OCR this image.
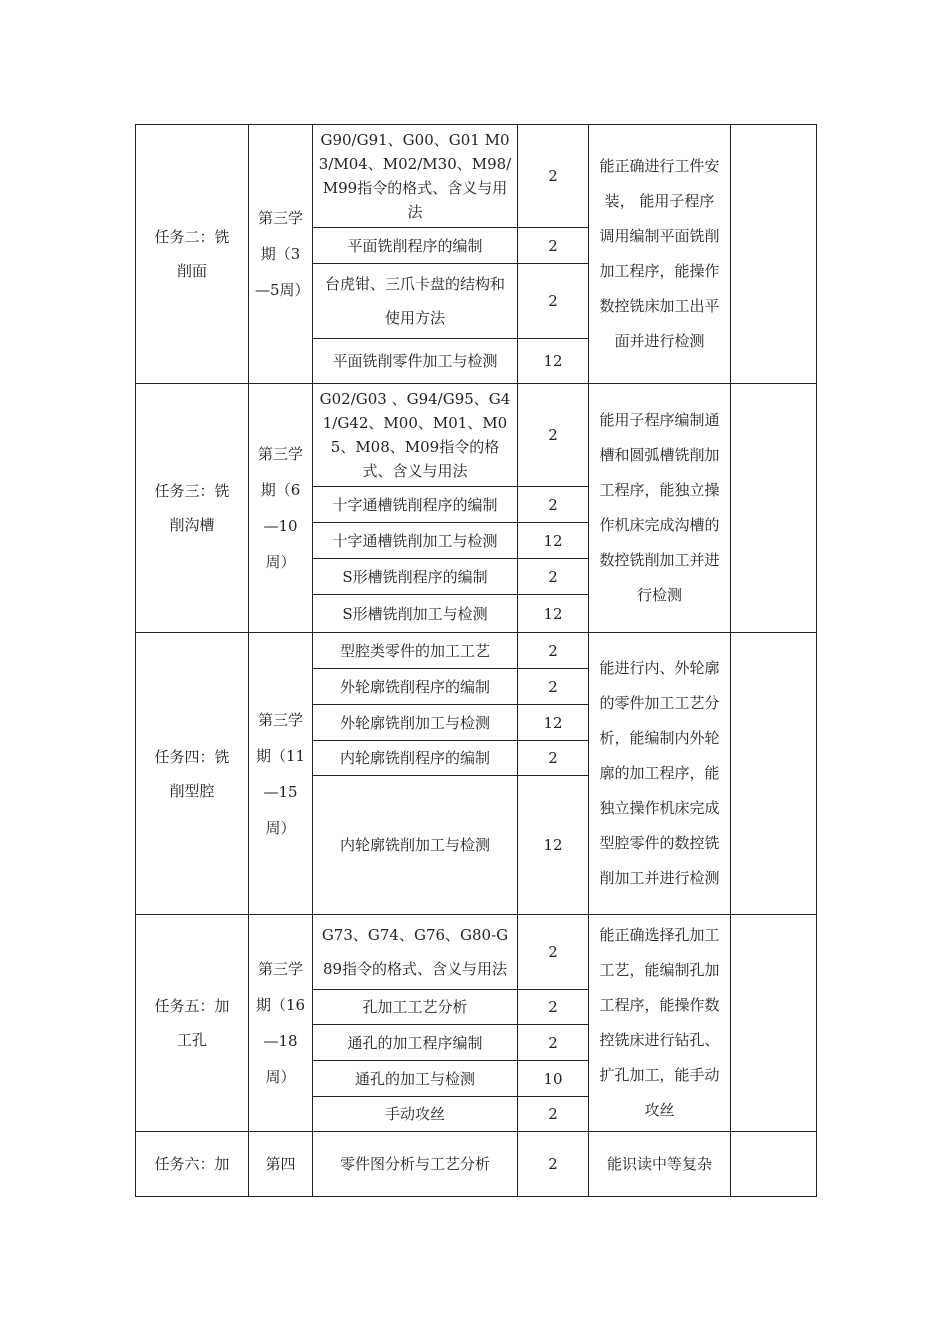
任务二：铣削面	第三学期（3—5周）	G90/G91、G00、G01 M03/M04、M02/M30、M98/ M99指令的格式、含义与用法	2	能正确进行工件安装， 能用子程序调用编制平面铣削加工程序，能操作数控铣床加工出平面并进行检测	
		平面铣削程序的编制	2		
		台虎钳、三爪卡盘的结构和使用方法	2		
		平面铣削零件加工与检测	12		
任务三：铣削沟槽	第三学期（6—10周）	G02/G03 、G94/G95、G41/G42、M00、M01、M05、M08、M09指令的格式、含义与用法	2	能用子程序编制通槽和圆弧槽铣削加工程序，能独立操作机床完成沟槽的数控铣削加工并进行检测	
		十字通槽铣削程序的编制	2		
		十字通槽铣削加工与检测	12		
		S形槽铣削程序的编制	2		
		S形槽铣削加工与检测	12		
任务四：铣削型腔	第三学期（11—15周）	型腔类零件的加工工艺	2	能进行内、外轮廓的零件加工工艺分析，能编制内外轮廓的加工程序，能独立操作机床完成型腔零件的数控铣削加工并进行检测	
		外轮廓铣削程序的编制	2		
		外轮廓铣削加工与检测	12		
		内轮廓铣削程序的编制	2		
		内轮廓铣削加工与检测	12		
任务五：加工孔	第三学期（16—18周）	G73、G74、G76、G80-G89指令的格式、含义与用法	2	能正确选择孔加工工艺，能编制孔加工程序，能操作数控铣床进行钻孔、扩孔加工，能手动攻丝	
		孔加工工艺分析	2		
		通孔的加工程序编制	2		
		通孔的加工与检测	10		
		手动攻丝	2		
任务六：加	第四	零件图分析与工艺分析	2	能识读中等复杂	
